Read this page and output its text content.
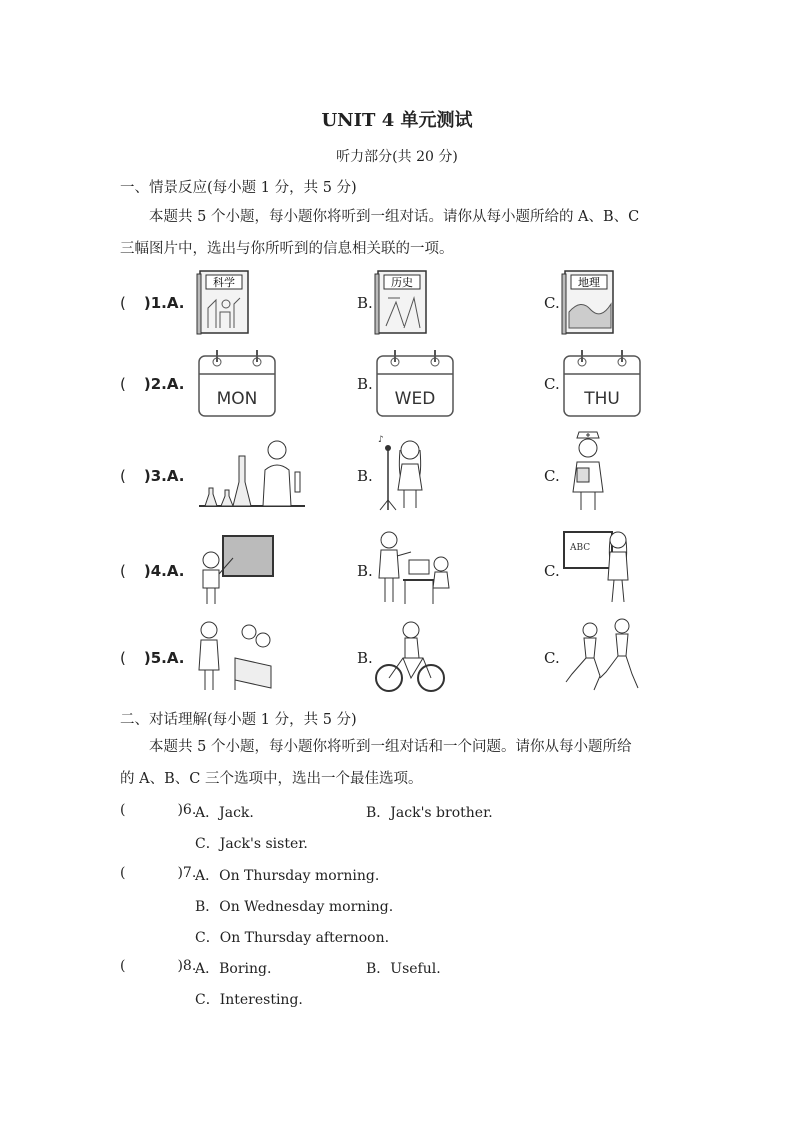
UNIT 4 单元测试
听力部分(共 20 分)
一、情景反应(每小题 1 分，共 5 分)
本题共 5 个小题，每小题你将听到一组对话。请你从每小题所给的 A、B、C
三幅图片中，选出与你所听到的信息相关联的一项。
( )1.A.
科学
B.
历史
C.
地理
( )2.A.
MON
B.
WED
C.
THU
( )3.A.	B.
♪
C.
( )4.A.	B.	C.
ABC
( )5.A.	B.	C.
二、对话理解(每小题 1 分，共 5 分)
本题共 5 个小题，每小题你将听到一组对话和一个问题。请你从每小题所给
的 A、B、C 三个选项中，选出一个最佳选项。
(	)6.
A．Jack.	B．Jack's brother.
C．Jack's sister.
(	)7.
A．On Thursday morning.
B．On Wednesday morning.
C．On Thursday afternoon.
(	)8.
A．Boring.	B．Useful.
C．Interesting.
